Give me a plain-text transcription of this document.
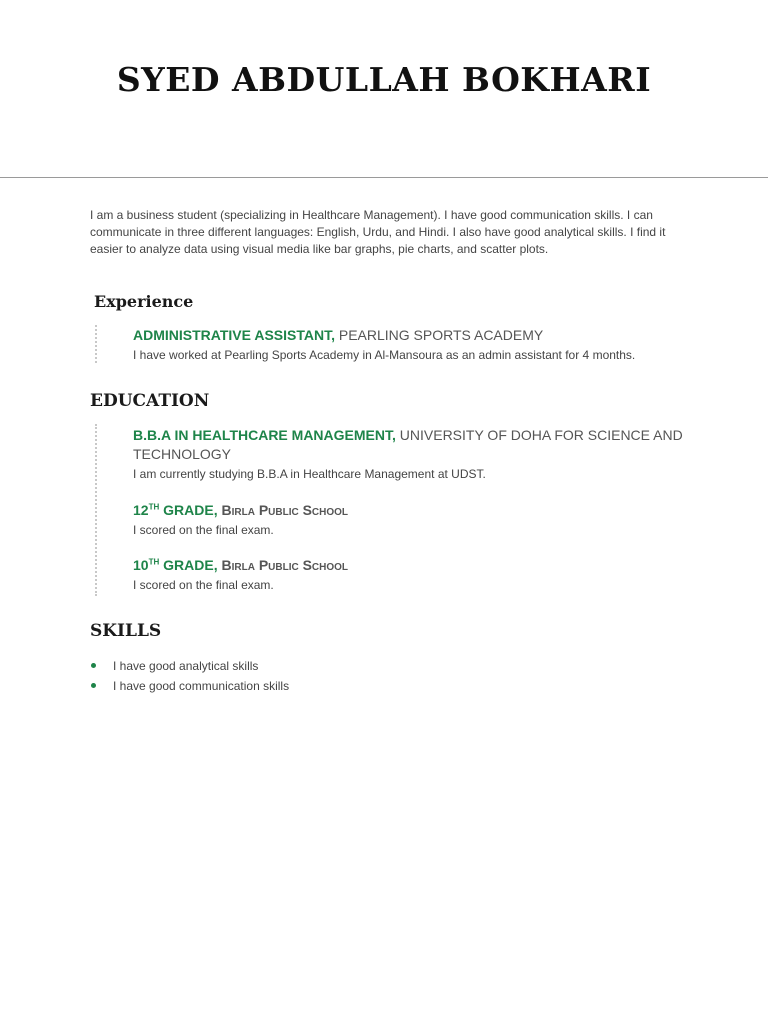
SYED ABDULLAH BOKHARI

I am a business student (specializing in Healthcare Management). I have good communication skills. I can communicate in three different languages: English, Urdu, and Hindi. I also have good analytical skills. I find it easier to analyze data using visual media like bar graphs, pie charts, and scatter plots.

Experience

ADMINISTRATIVE ASSISTANT, PEARLING SPORTS ACADEMY

I have worked at Pearling Sports Academy in Al-Mansoura as an admin assistant for 4 months.

EDUCATION

B.B.A IN HEALTHCARE MANAGEMENT, UNIVERSITY OF DOHA FOR SCIENCE AND TECHNOLOGY

I am currently studying B.B.A in Healthcare Management at UDST.

12TH GRADE, Birla Public School

I scored on the final exam.

10TH GRADE, Birla Public School

I scored on the final exam.

SKILLS
I have good analytical skills
I have good communication skills
